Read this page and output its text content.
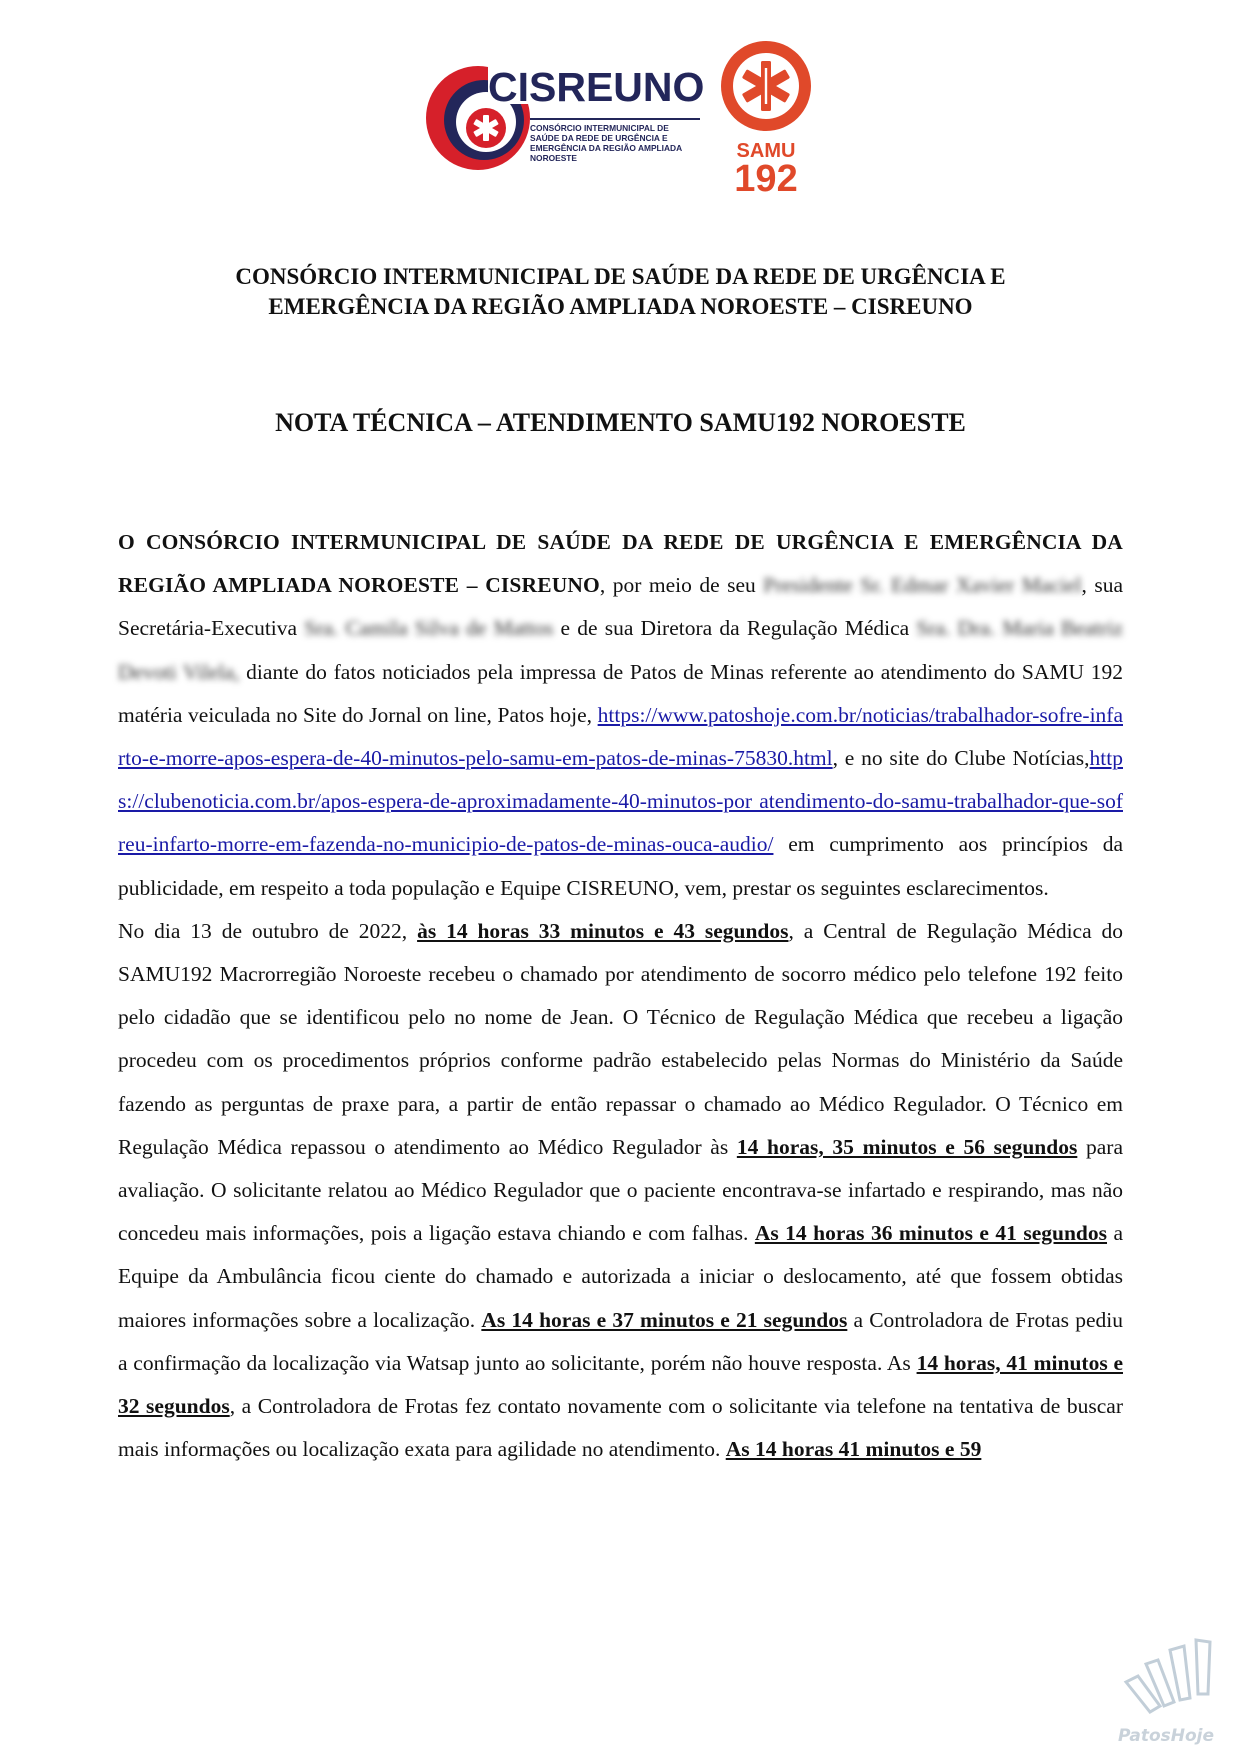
CISREUNO
CONSÓRCIO INTERMUNICIPAL DE SAÚDE DA REDE DE URGÊNCIA E EMERGÊNCIA DA REGIÃO AMPLIADA NOROESTE	SAMU
192
CONSÓRCIO INTERMUNICIPAL DE SAÚDE DA REDE DE URGÊNCIA E
EMERGÊNCIA DA REGIÃO AMPLIADA NOROESTE – CISREUNO
NOTA TÉCNICA – ATENDIMENTO SAMU192 NOROESTE

O CONSÓRCIO INTERMUNICIPAL DE SAÚDE DA REDE DE URGÊNCIA E EMERGÊNCIA DA REGIÃO AMPLIADA NOROESTE – CISREUNO, por meio de seu Presidente Sr. Edmar Xavier Maciel, sua Secretária-Executiva Sra. Camila Silva de Mattos e de sua Diretora da Regulação Médica Sra. Dra. Maria Beatriz Devoti Vilela, diante do fatos noticiados pela impressa de Patos de Minas referente ao atendimento do SAMU 192 matéria veiculada no Site do Jornal on line, Patos hoje, https://www.patoshoje.com.br/noticias/trabalhador-sofre-infarto-e-morre-apos-espera-de-40-minutos-pelo-samu-em-patos-de-minas-75830.html, e no site do Clube Notícias,https://clubenoticia.com.br/apos-espera-de-aproximadamente-40-minutos-por atendimento-do-samu-trabalhador-que-sofreu-infarto-morre-em-fazenda-no-municipio-de-patos-de-minas-ouca-audio/ em cumprimento aos princípios da publicidade, em respeito a toda população e Equipe CISREUNO, vem, prestar os seguintes esclarecimentos.

No dia 13 de outubro de 2022, às 14 horas 33 minutos e 43 segundos, a Central de Regulação Médica do SAMU192 Macrorregião Noroeste recebeu o chamado por atendimento de socorro médico pelo telefone 192 feito pelo cidadão que se identificou pelo no nome de Jean. O Técnico de Regulação Médica que recebeu a ligação procedeu com os procedimentos próprios conforme padrão estabelecido pelas Normas do Ministério da Saúde fazendo as perguntas de praxe para, a partir de então repassar o chamado ao Médico Regulador. O Técnico em Regulação Médica repassou o atendimento ao Médico Regulador às 14 horas, 35 minutos e 56 segundos para avaliação. O solicitante relatou ao Médico Regulador que o paciente encontrava-se infartado e respirando, mas não concedeu mais informações, pois a ligação estava chiando e com falhas. As 14 horas 36 minutos e 41 segundos a Equipe da Ambulância ficou ciente do chamado e autorizada a iniciar o deslocamento, até que fossem obtidas maiores informações sobre a localização. As 14 horas e 37 minutos e 21 segundos a Controladora de Frotas pediu a confirmação da localização via Watsap junto ao solicitante, porém não houve resposta. As 14 horas, 41 minutos e 32 segundos, a Controladora de Frotas fez contato novamente com o solicitante via telefone na tentativa de buscar mais informações ou localização exata para agilidade no atendimento. As 14 horas 41 minutos e 59

PatosHoje
